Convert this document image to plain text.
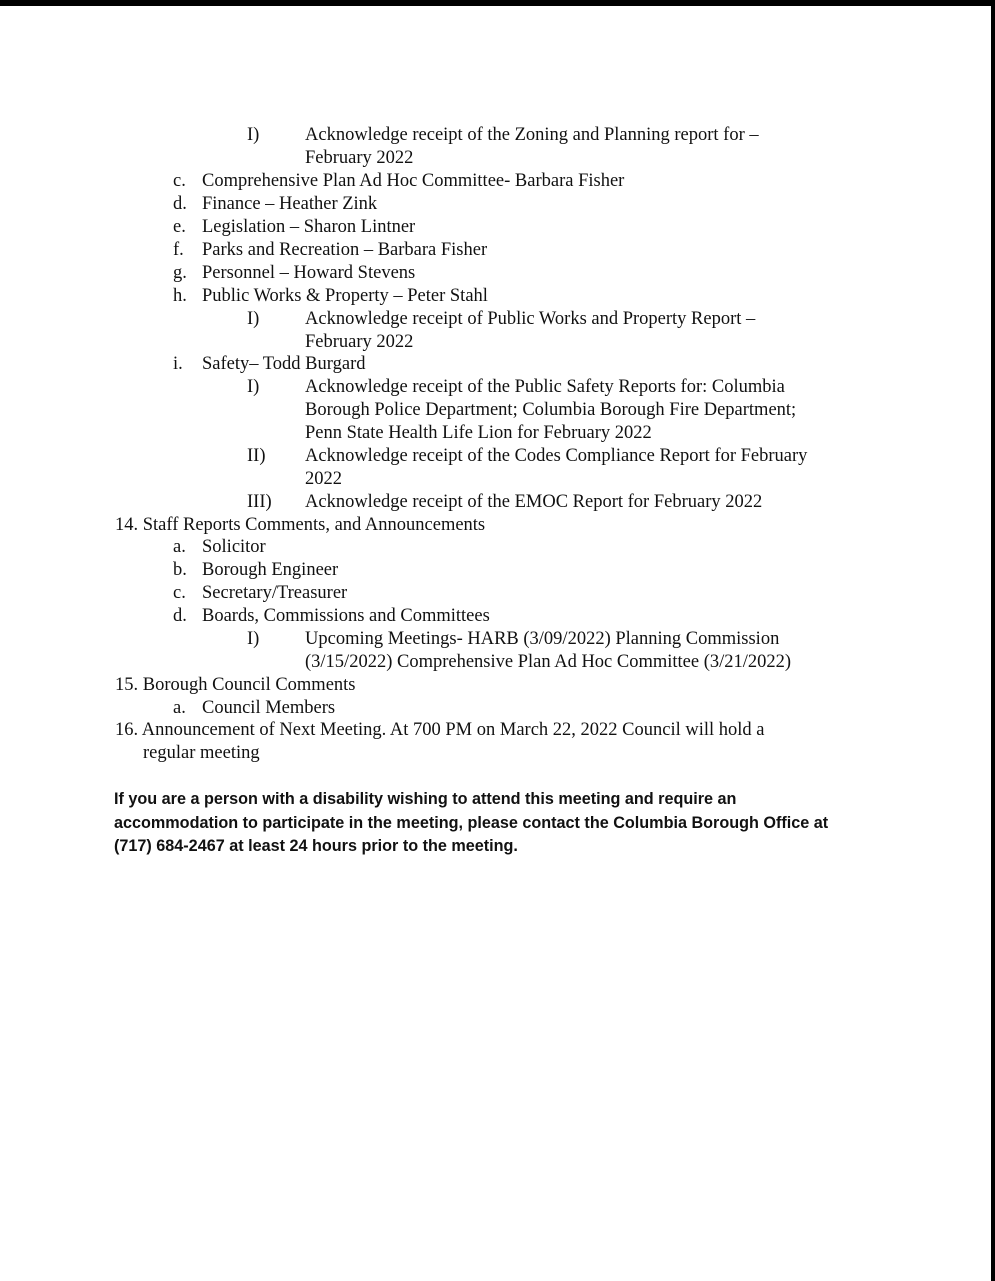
I) Acknowledge receipt of the Zoning and Planning report for –
February 2022
c. Comprehensive Plan Ad Hoc Committee- Barbara Fisher
d. Finance – Heather Zink
e. Legislation – Sharon Lintner
f. Parks and Recreation – Barbara Fisher
g. Personnel – Howard Stevens
h. Public Works & Property – Peter Stahl
I) Acknowledge receipt of Public Works and Property Report –
February 2022
i. Safety– Todd Burgard
I) Acknowledge receipt of the Public Safety Reports for: Columbia
Borough Police Department; Columbia Borough Fire Department;
Penn State Health Life Lion for February 2022
II) Acknowledge receipt of the Codes Compliance Report for February
2022
III) Acknowledge receipt of the EMOC Report for February 2022
14. Staff Reports Comments, and Announcements
a. Solicitor
b. Borough Engineer
c. Secretary/Treasurer
d. Boards, Commissions and Committees
I) Upcoming Meetings- HARB (3/09/2022) Planning Commission
(3/15/2022) Comprehensive Plan Ad Hoc Committee (3/21/2022)
15. Borough Council Comments
a. Council Members
16. Announcement of Next Meeting. At 700 PM on March 22, 2022 Council will hold a
regular meeting
If you are a person with a disability wishing to attend this meeting and require an
accommodation to participate in the meeting, please contact the Columbia Borough Office at
(717) 684-2467 at least 24 hours prior to the meeting.
